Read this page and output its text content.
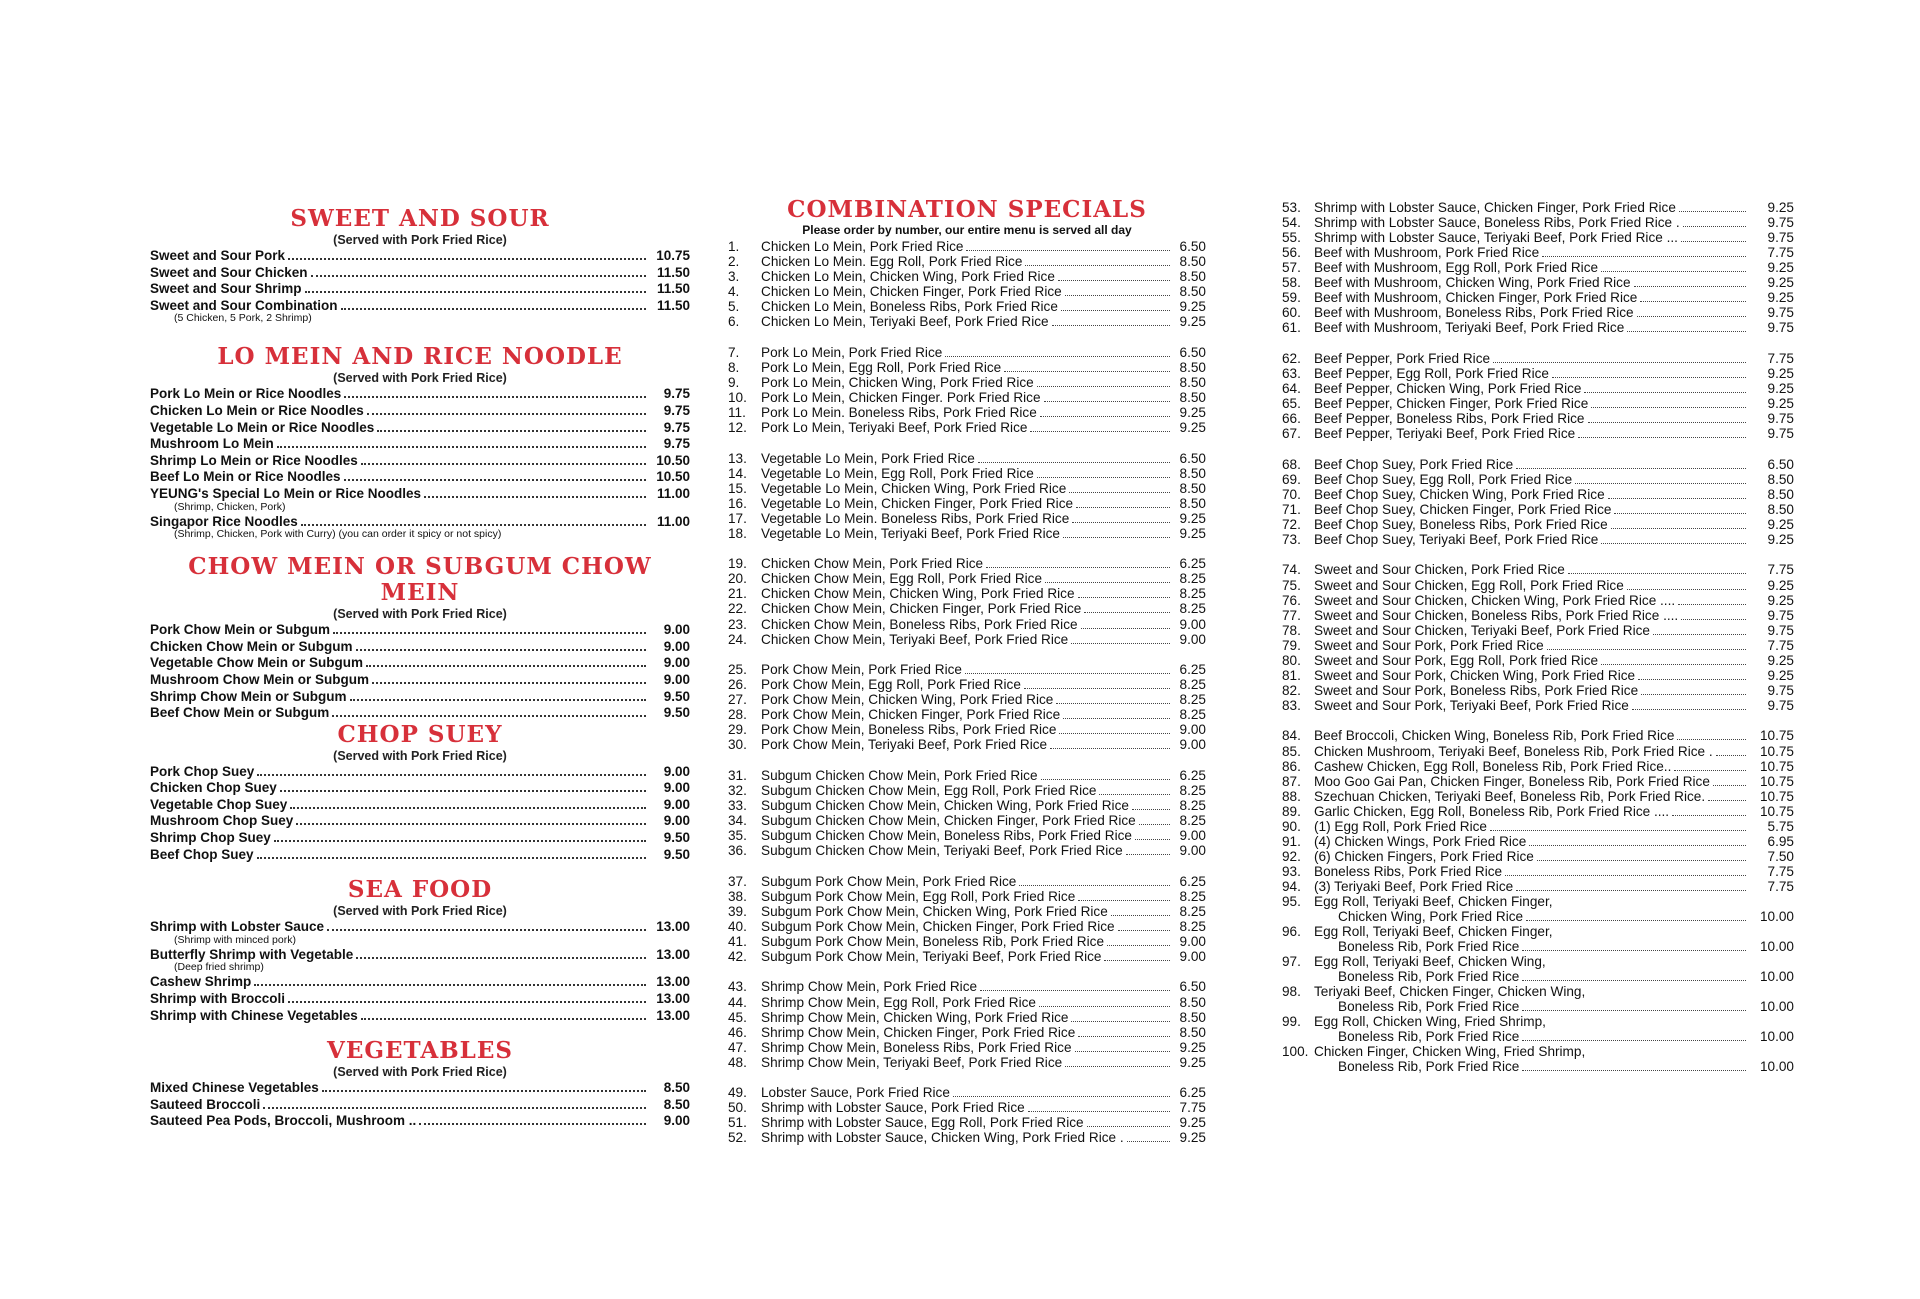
SWEET AND SOUR
(Served with Pork Fried Rice)
Sweet and Sour Pork	10.75
Sweet and Sour Chicken	11.50
Sweet and Sour Shrimp	11.50
Sweet and Sour Combination	11.50
(5 Chicken, 5 Pork, 2 Shrimp)
LO MEIN AND RICE NOODLE
(Served with Pork Fried Rice)
Pork Lo Mein or Rice Noodles	9.75
Chicken Lo Mein or Rice Noodles	9.75
Vegetable Lo Mein or Rice Noodles	9.75
Mushroom Lo Mein	9.75
Shrimp Lo Mein or Rice Noodles	10.50
Beef Lo Mein or Rice Noodles	10.50
YEUNG's Special Lo Mein or Rice Noodles	11.00
(Shrimp, Chicken, Pork)
Singapor Rice Noodles	11.00
(Shrimp, Chicken, Pork with Curry) (you can order it spicy or not spicy)
CHOW MEIN OR SUBGUM CHOW MEIN
(Served with Pork Fried Rice)
Pork Chow Mein or Subgum	9.00
Chicken Chow Mein or Subgum	9.00
Vegetable Chow Mein or Subgum	9.00
Mushroom Chow Mein or Subgum	9.00
Shrimp Chow Mein or Subgum	9.50
Beef Chow Mein or Subgum	9.50
CHOP SUEY
(Served with Pork Fried Rice)
Pork Chop Suey	9.00
Chicken Chop Suey	9.00
Vegetable Chop Suey	9.00
Mushroom Chop Suey	9.00
Shrimp Chop Suey	9.50
Beef Chop Suey	9.50
SEA FOOD
(Served with Pork Fried Rice)
Shrimp with Lobster Sauce	13.00
(Shrimp with minced pork)
Butterfly Shrimp with Vegetable	13.00
(Deep fried shrimp)
Cashew Shrimp	13.00
Shrimp with Broccoli	13.00
Shrimp with Chinese Vegetables	13.00
VEGETABLES
(Served with Pork Fried Rice)
Mixed Chinese Vegetables	8.50
Sauteed Broccoli	8.50
Sauteed Pea Pods, Broccoli, Mushroom ..	9.00
COMBINATION SPECIALS
Please order by number, our entire menu is served all day
1.	Chicken Lo Mein, Pork Fried Rice	6.50
2.	Chicken Lo Mein. Egg Roll, Pork Fried Rice	8.50
3.	Chicken Lo Mein, Chicken Wing, Pork Fried Rice	8.50
4.	Chicken Lo Mein, Chicken Finger, Pork Fried Rice	8.50
5.	Chicken Lo Mein, Boneless Ribs, Pork Fried Rice	9.25
6.	Chicken Lo Mein, Teriyaki Beef, Pork Fried Rice	9.25
7.	Pork Lo Mein, Pork Fried Rice	6.50
8.	Pork Lo Mein, Egg Roll, Pork Fried Rice	8.50
9.	Pork Lo Mein, Chicken Wing, Pork Fried Rice	8.50
10.	Pork Lo Mein, Chicken Finger. Pork Fried Rice	8.50
11.	Pork Lo Mein. Boneless Ribs, Pork Fried Rice	9.25
12.	Pork Lo Mein, Teriyaki Beef, Pork Fried Rice	9.25
13.	Vegetable Lo Mein, Pork Fried Rice	6.50
14.	Vegetable Lo Mein, Egg Roll, Pork Fried Rice	8.50
15.	Vegetable Lo Mein, Chicken Wing, Pork Fried Rice	8.50
16.	Vegetable Lo Mein, Chicken Finger, Pork Fried Rice	8.50
17.	Vegetable Lo Mein. Boneless Ribs, Pork Fried Rice	9.25
18.	Vegetable Lo Mein, Teriyaki Beef, Pork Fried Rice	9.25
19.	Chicken Chow Mein, Pork Fried Rice	6.25
20.	Chicken Chow Mein, Egg Roll, Pork Fried Rice	8.25
21.	Chicken Chow Mein, Chicken Wing, Pork Fried Rice	8.25
22.	Chicken Chow Mein, Chicken Finger, Pork Fried Rice	8.25
23.	Chicken Chow Mein, Boneless Ribs, Pork Fried Rice	9.00
24.	Chicken Chow Mein, Teriyaki Beef, Pork Fried Rice	9.00
25.	Pork Chow Mein, Pork Fried Rice	6.25
26.	Pork Chow Mein, Egg Roll, Pork Fried Rice	8.25
27.	Pork Chow Mein, Chicken Wing, Pork Fried Rice	8.25
28.	Pork Chow Mein, Chicken Finger, Pork Fried Rice	8.25
29.	Pork Chow Mein, Boneless Ribs, Pork Fried Rice	9.00
30.	Pork Chow Mein, Teriyaki Beef, Pork Fried Rice	9.00
31.	Subgum Chicken Chow Mein, Pork Fried Rice	6.25
32.	Subgum Chicken Chow Mein, Egg Roll, Pork Fried Rice	8.25
33.	Subgum Chicken Chow Mein, Chicken Wing, Pork Fried Rice	8.25
34.	Subgum Chicken Chow Mein, Chicken Finger, Pork Fried Rice	8.25
35.	Subgum Chicken Chow Mein, Boneless Ribs, Pork Fried Rice	9.00
36.	Subgum Chicken Chow Mein, Teriyaki Beef, Pork Fried Rice	9.00
37.	Subgum Pork Chow Mein, Pork Fried Rice	6.25
38.	Subgum Pork Chow Mein, Egg Roll, Pork Fried Rice	8.25
39.	Subgum Pork Chow Mein, Chicken Wing, Pork Fried Rice	8.25
40.	Subgum Pork Chow Mein, Chicken Finger, Pork Fried Rice	8.25
41.	Subgum Pork Chow Mein, Boneless Rib, Pork Fried Rice	9.00
42.	Subgum Pork Chow Mein, Teriyaki Beef, Pork Fried Rice	9.00
43.	Shrimp Chow Mein, Pork Fried Rice	6.50
44.	Shrimp Chow Mein, Egg Roll, Pork Fried Rice	8.50
45.	Shrimp Chow Mein, Chicken Wing, Pork Fried Rice	8.50
46.	Shrimp Chow Mein, Chicken Finger, Pork Fried Rice	8.50
47.	Shrimp Chow Mein, Boneless Ribs, Pork Fried Rice	9.25
48.	Shrimp Chow Mein, Teriyaki Beef, Pork Fried Rice	9.25
49.	Lobster Sauce, Pork Fried Rice	6.25
50.	Shrimp with Lobster Sauce, Pork Fried Rice	7.75
51.	Shrimp with Lobster Sauce, Egg Roll, Pork Fried Rice	9.25
52.	Shrimp with Lobster Sauce, Chicken Wing, Pork Fried Rice .	9.25
53. Shrimp with Lobster Sauce, Chicken Finger, Pork Fried Rice	9.25
54. Shrimp with Lobster Sauce, Boneless Ribs, Pork Fried Rice .	9.75
55. Shrimp with Lobster Sauce, Teriyaki Beef, Pork Fried Rice ...	9.75
56. Beef with Mushroom, Pork Fried Rice	7.75
57. Beef with Mushroom, Egg Roll, Pork Fried Rice	9.25
58. Beef with Mushroom, Chicken Wing, Pork Fried Rice	9.25
59. Beef with Mushroom, Chicken Finger, Pork Fried Rice	9.25
60. Beef with Mushroom, Boneless Ribs, Pork Fried Rice	9.75
61. Beef with Mushroom, Teriyaki Beef, Pork Fried Rice	9.75
62. Beef Pepper, Pork Fried Rice	7.75
63. Beef Pepper, Egg Roll, Pork Fried Rice	9.25
64. Beef Pepper, Chicken Wing, Pork Fried Rice	9.25
65. Beef Pepper, Chicken Finger, Pork Fried Rice	9.25
66. Beef Pepper, Boneless Ribs, Pork Fried Rice	9.75
67. Beef Pepper, Teriyaki Beef, Pork Fried Rice	9.75
68. Beef Chop Suey, Pork Fried Rice	6.50
69. Beef Chop Suey, Egg Roll, Pork Fried Rice	8.50
70. Beef Chop Suey, Chicken Wing, Pork Fried Rice	8.50
71. Beef Chop Suey, Chicken Finger, Pork Fried Rice	8.50
72. Beef Chop Suey, Boneless Ribs, Pork Fried Rice	9.25
73. Beef Chop Suey, Teriyaki Beef, Pork Fried Rice	9.25
74. Sweet and Sour Chicken, Pork Fried Rice	7.75
75. Sweet and Sour Chicken, Egg Roll, Pork Fried Rice	9.25
76. Sweet and Sour Chicken, Chicken Wing, Pork Fried Rice ....	9.25
77. Sweet and Sour Chicken, Boneless Ribs, Pork Fried Rice ....	9.75
78. Sweet and Sour Chicken, Teriyaki Beef, Pork Fried Rice	9.75
79. Sweet and Sour Pork, Pork Fried Rice	7.75
80. Sweet and Sour Pork, Egg Roll, Pork fried Rice	9.25
81. Sweet and Sour Pork, Chicken Wing, Pork Fried Rice	9.25
82. Sweet and Sour Pork, Boneless Ribs, Pork Fried Rice	9.75
83. Sweet and Sour Pork, Teriyaki Beef, Pork Fried Rice	9.75
84. Beef Broccoli, Chicken Wing, Boneless Rib, Pork Fried Rice	10.75
85. Chicken Mushroom, Teriyaki Beef, Boneless Rib, Pork Fried Rice .	10.75
86. Cashew Chicken, Egg Roll, Boneless Rib, Pork Fried Rice..	10.75
87. Moo Goo Gai Pan, Chicken Finger, Boneless Rib, Pork Fried Rice	10.75
88. Szechuan Chicken, Teriyaki Beef, Boneless Rib, Pork Fried Rice.	10.75
89. Garlic Chicken, Egg Roll, Boneless Rib, Pork Fried Rice ....	10.75
90. (1) Egg Roll, Pork Fried Rice	5.75
91. (4) Chicken Wings, Pork Fried Rice	6.95
92. (6) Chicken Fingers, Pork Fried Rice	7.50
93. Boneless Ribs, Pork Fried Rice	7.75
94. (3) Teriyaki Beef, Pork Fried Rice	7.75
95. Egg Roll, Teriyaki Beef, Chicken Finger,
Chicken Wing, Pork Fried Rice	10.00
96. Egg Roll, Teriyaki Beef, Chicken Finger,
Boneless Rib, Pork Fried Rice	10.00
97. Egg Roll, Teriyaki Beef, Chicken Wing,
Boneless Rib, Pork Fried Rice	10.00
98. Teriyaki Beef, Chicken Finger, Chicken Wing,
Boneless Rib, Pork Fried Rice	10.00
99. Egg Roll, Chicken Wing, Fried Shrimp,
Boneless Rib, Pork Fried Rice	10.00
100. Chicken Finger, Chicken Wing, Fried Shrimp,
Boneless Rib, Pork Fried Rice	10.00
